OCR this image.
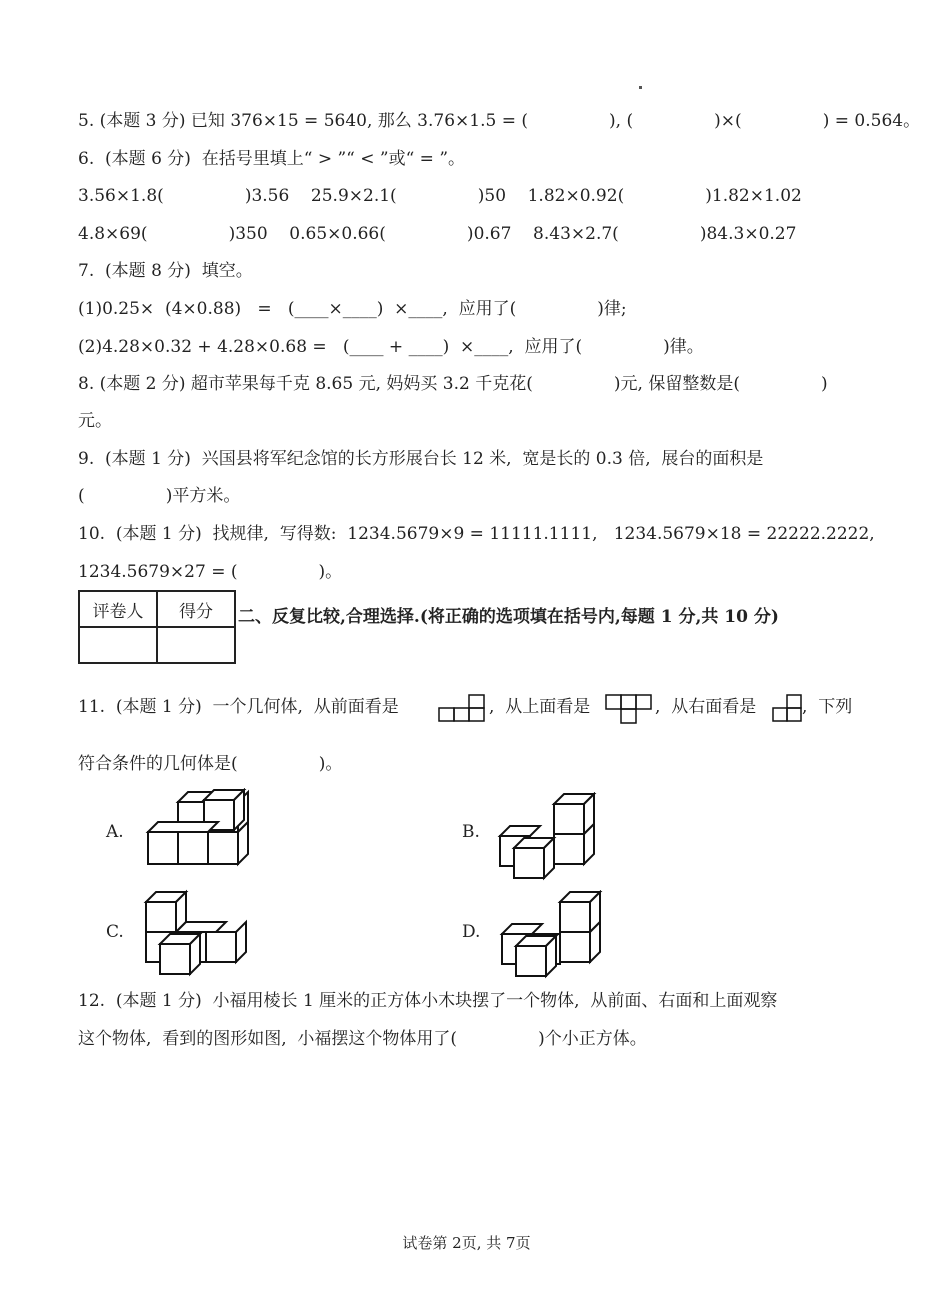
5. (本题 3 分) 已知 376×15 = 5640, 那么 3.76×1.5 = (               ), (               )×(               ) = 0.564。
6.  (本题 6 分)  在括号里填上“ > ”“ < ”或“ = ”。
3.56×1.8(               )3.56    25.9×2.1(               )50    1.82×0.92(               )1.82×1.02
4.8×69(               )350    0.65×0.66(               )0.67    8.43×2.7(               )84.3×0.27
7.  (本题 8 分)  填空。
(1)0.25×  (4×0.88)   =   (____×____)  ×____,  应用了(               )律;
(2)4.28×0.32 + 4.28×0.68 =   (____ + ____)  ×____,  应用了(               )律。
8. (本题 2 分) 超市苹果每千克 8.65 元, 妈妈买 3.2 千克花(               )元, 保留整数是(               )
元。
9.  (本题 1 分)  兴国县将军纪念馆的长方形展台长 12 米,  宽是长的 0.3 倍,  展台的面积是
(               )平方米。
10.  (本题 1 分)  找规律,  写得数:  1234.5679×9 = 11111.1111,   1234.5679×18 = 22222.2222,
1234.5679×27 = (               )。
评卷人	得分
	二、反复比较,合理选择.(将正确的选项填在括号内,每题 1 分,共 10 分)
11.  (本题 1 分)  一个几何体,  从前面看是	,  从上面看是	,  从右面看是	,  下列
符合条件的几何体是(               )。
A.	B.
C.	D.
12.  (本题 1 分)  小福用棱长 1 厘米的正方体小木块摆了一个物体,  从前面、右面和上面观察
这个物体,  看到的图形如图,  小福摆这个物体用了(               )个小正方体。
试卷第 2页, 共 7页
